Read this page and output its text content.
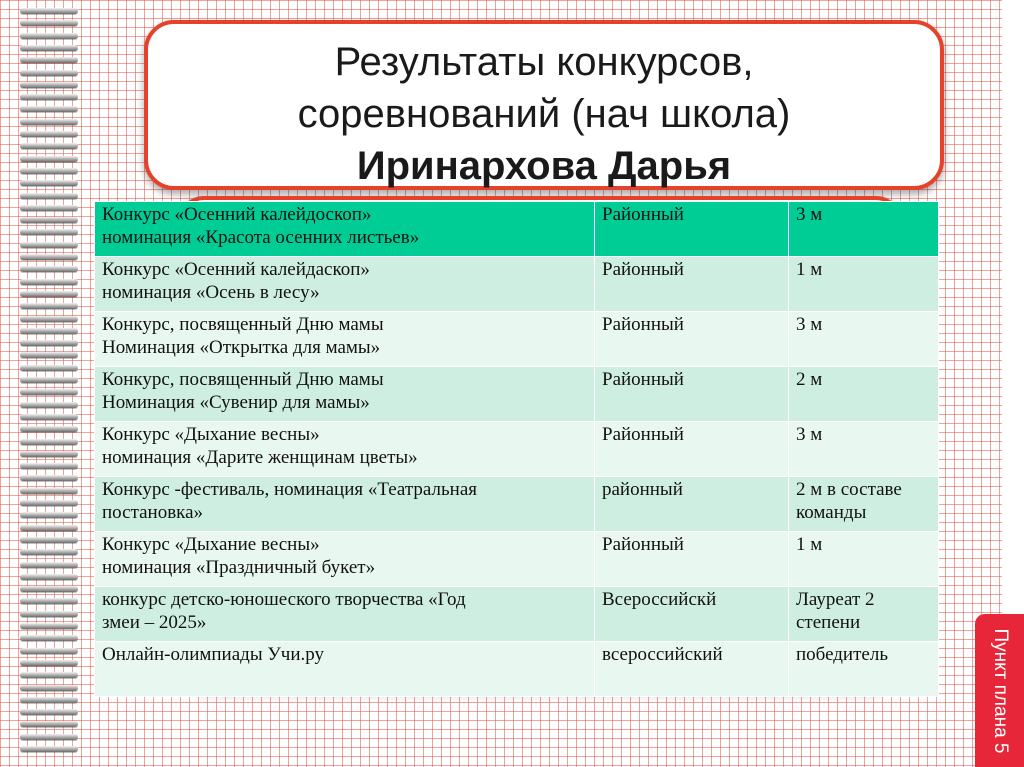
Результаты конкурсов,
соревнований (нач школа)
Иринархова Дарья
Конкурс «Осенний калейдоскоп»
номинация «Красота осенних листьев»	Районный	3 м
Конкурс «Осенний калейдаскоп»
номинация «Осень в лесу»	Районный	1 м
Конкурс, посвященный Дню мамы
Номинация «Открытка для мамы»	Районный	3 м
Конкурс, посвященный Дню мамы
Номинация «Сувенир для мамы»	Районный	2 м
Конкурс «Дыхание весны»
номинация «Дарите женщинам цветы»	Районный	3 м
Конкурс -фестиваль, номинация «Театральная
постановка»	районный	2 м в составе
команды
Конкурс «Дыхание весны»
номинация «Праздничный букет»	Районный	1 м
конкурс детско-юношеского творчества «Год
змеи – 2025»	Всероссийскй	Лауреат 2
степени
Онлайн-олимпиады Учи.ру	всероссийский	победитель	Пункт плана 5
